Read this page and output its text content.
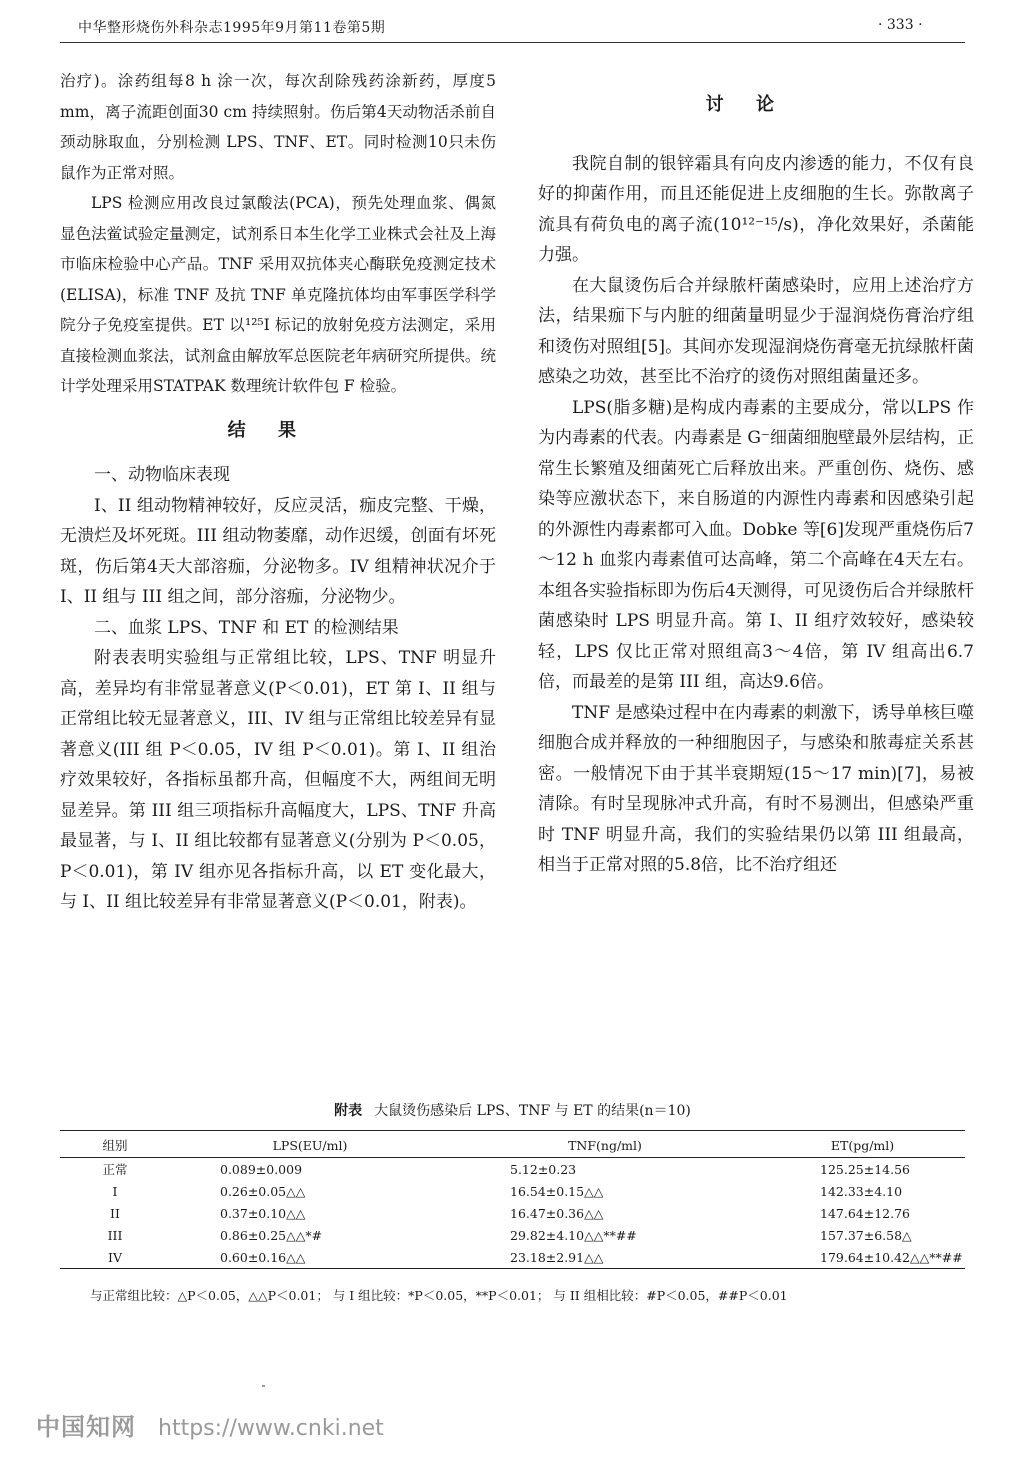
中华整形烧伤外科杂志1995年9月第11卷第5期	· 333 ·

治疗)。涂药组每8 h 涂一次，每次刮除残药涂新药，厚度5 mm，离子流距创面30 cm 持续照射。伤后第4天动物活杀前自颈动脉取血，分别检测 LPS、TNF、ET。同时检测10只未伤鼠作为正常对照。

LPS 检测应用改良过氯酸法(PCA)，预先处理血浆、偶氮显色法鲎试验定量测定，试剂系日本生化学工业株式会社及上海市临床检验中心产品。TNF 采用双抗体夹心酶联免疫测定技术(ELISA)，标准 TNF 及抗 TNF 单克隆抗体均由军事医学科学院分子免疫室提供。ET 以¹²⁵I 标记的放射免疫方法测定，采用直接检测血浆法，试剂盒由解放军总医院老年病研究所提供。统计学处理采用STATPAK 数理统计软件包 F 检验。

结果

一、动物临床表现

I、II 组动物精神较好，反应灵活，痂皮完整、干燥，无溃烂及坏死斑。III 组动物萎靡，动作迟缓，创面有坏死斑，伤后第4天大部溶痂，分泌物多。IV 组精神状况介于 I、II 组与 III 组之间，部分溶痂，分泌物少。

二、血浆 LPS、TNF 和 ET 的检测结果

附表表明实验组与正常组比较，LPS、TNF 明显升高，差异均有非常显著意义(P＜0.01)，ET 第 I、II 组与正常组比较无显著意义，III、IV 组与正常组比较差异有显著意义(III 组 P＜0.05，IV 组 P＜0.01)。第 I、II 组治疗效果较好，各指标虽都升高，但幅度不大，两组间无明显差异。第 III 组三项指标升高幅度大，LPS、TNF 升高最显著，与 I、II 组比较都有显著意义(分别为 P＜0.05，P＜0.01)，第 IV 组亦见各指标升高，以 ET 变化最大，与 I、II 组比较差异有非常显著意义(P＜0.01，附表)。

讨论

我院自制的银锌霜具有向皮内渗透的能力，不仅有良好的抑菌作用，而且还能促进上皮细胞的生长。弥散离子流具有荷负电的离子流(10¹²⁻¹⁵/s)，净化效果好，杀菌能力强。

在大鼠烫伤后合并绿脓杆菌感染时，应用上述治疗方法，结果痂下与内脏的细菌量明显少于湿润烧伤膏治疗组和烫伤对照组[5]。其间亦发现湿润烧伤膏毫无抗绿脓杆菌感染之功效，甚至比不治疗的烫伤对照组菌量还多。

LPS(脂多糖)是构成内毒素的主要成分，常以LPS 作为内毒素的代表。内毒素是 G⁻细菌细胞壁最外层结构，正常生长繁殖及细菌死亡后释放出来。严重创伤、烧伤、感染等应激状态下，来自肠道的内源性内毒素和因感染引起的外源性内毒素都可入血。Dobke 等[6]发现严重烧伤后7～12 h 血浆内毒素值可达高峰，第二个高峰在4天左右。本组各实验指标即为伤后4天测得，可见烫伤后合并绿脓杆菌感染时 LPS 明显升高。第 I、II 组疗效较好，感染较轻，LPS 仅比正常对照组高3～4倍，第 IV 组高出6.7倍，而最差的是第 III 组，高达9.6倍。

TNF 是感染过程中在内毒素的刺激下，诱导单核巨噬细胞合成并释放的一种细胞因子，与感染和脓毒症关系甚密。一般情况下由于其半衰期短(15～17 min)[7]，易被清除。有时呈现脉冲式升高，有时不易测出，但感染严重时 TNF 明显升高，我们的实验结果仍以第 III 组最高，相当于正常对照的5.8倍，比不治疗组还

附表 大鼠烫伤感染后 LPS、TNF 与 ET 的结果(n＝10)
组别	LPS(EU/ml)	TNF(ng/ml)	ET(pg/ml)
正常	0.089±0.009	5.12±0.23	125.25±14.56
I	0.26±0.05△△	16.54±0.15△△	142.33±4.10
II	0.37±0.10△△	16.47±0.36△△	147.64±12.76
III	0.86±0.25△△*#	29.82±4.10△△**##	157.37±6.58△
IV	0.60±0.16△△	23.18±2.91△△	179.64±10.42△△**##
与正常组比较：△P＜0.05，△△P＜0.01； 与 I 组比较：*P＜0.05，**P＜0.01； 与 II 组相比较：#P＜0.05，##P＜0.01
中国知网 https://www.cnki.net
